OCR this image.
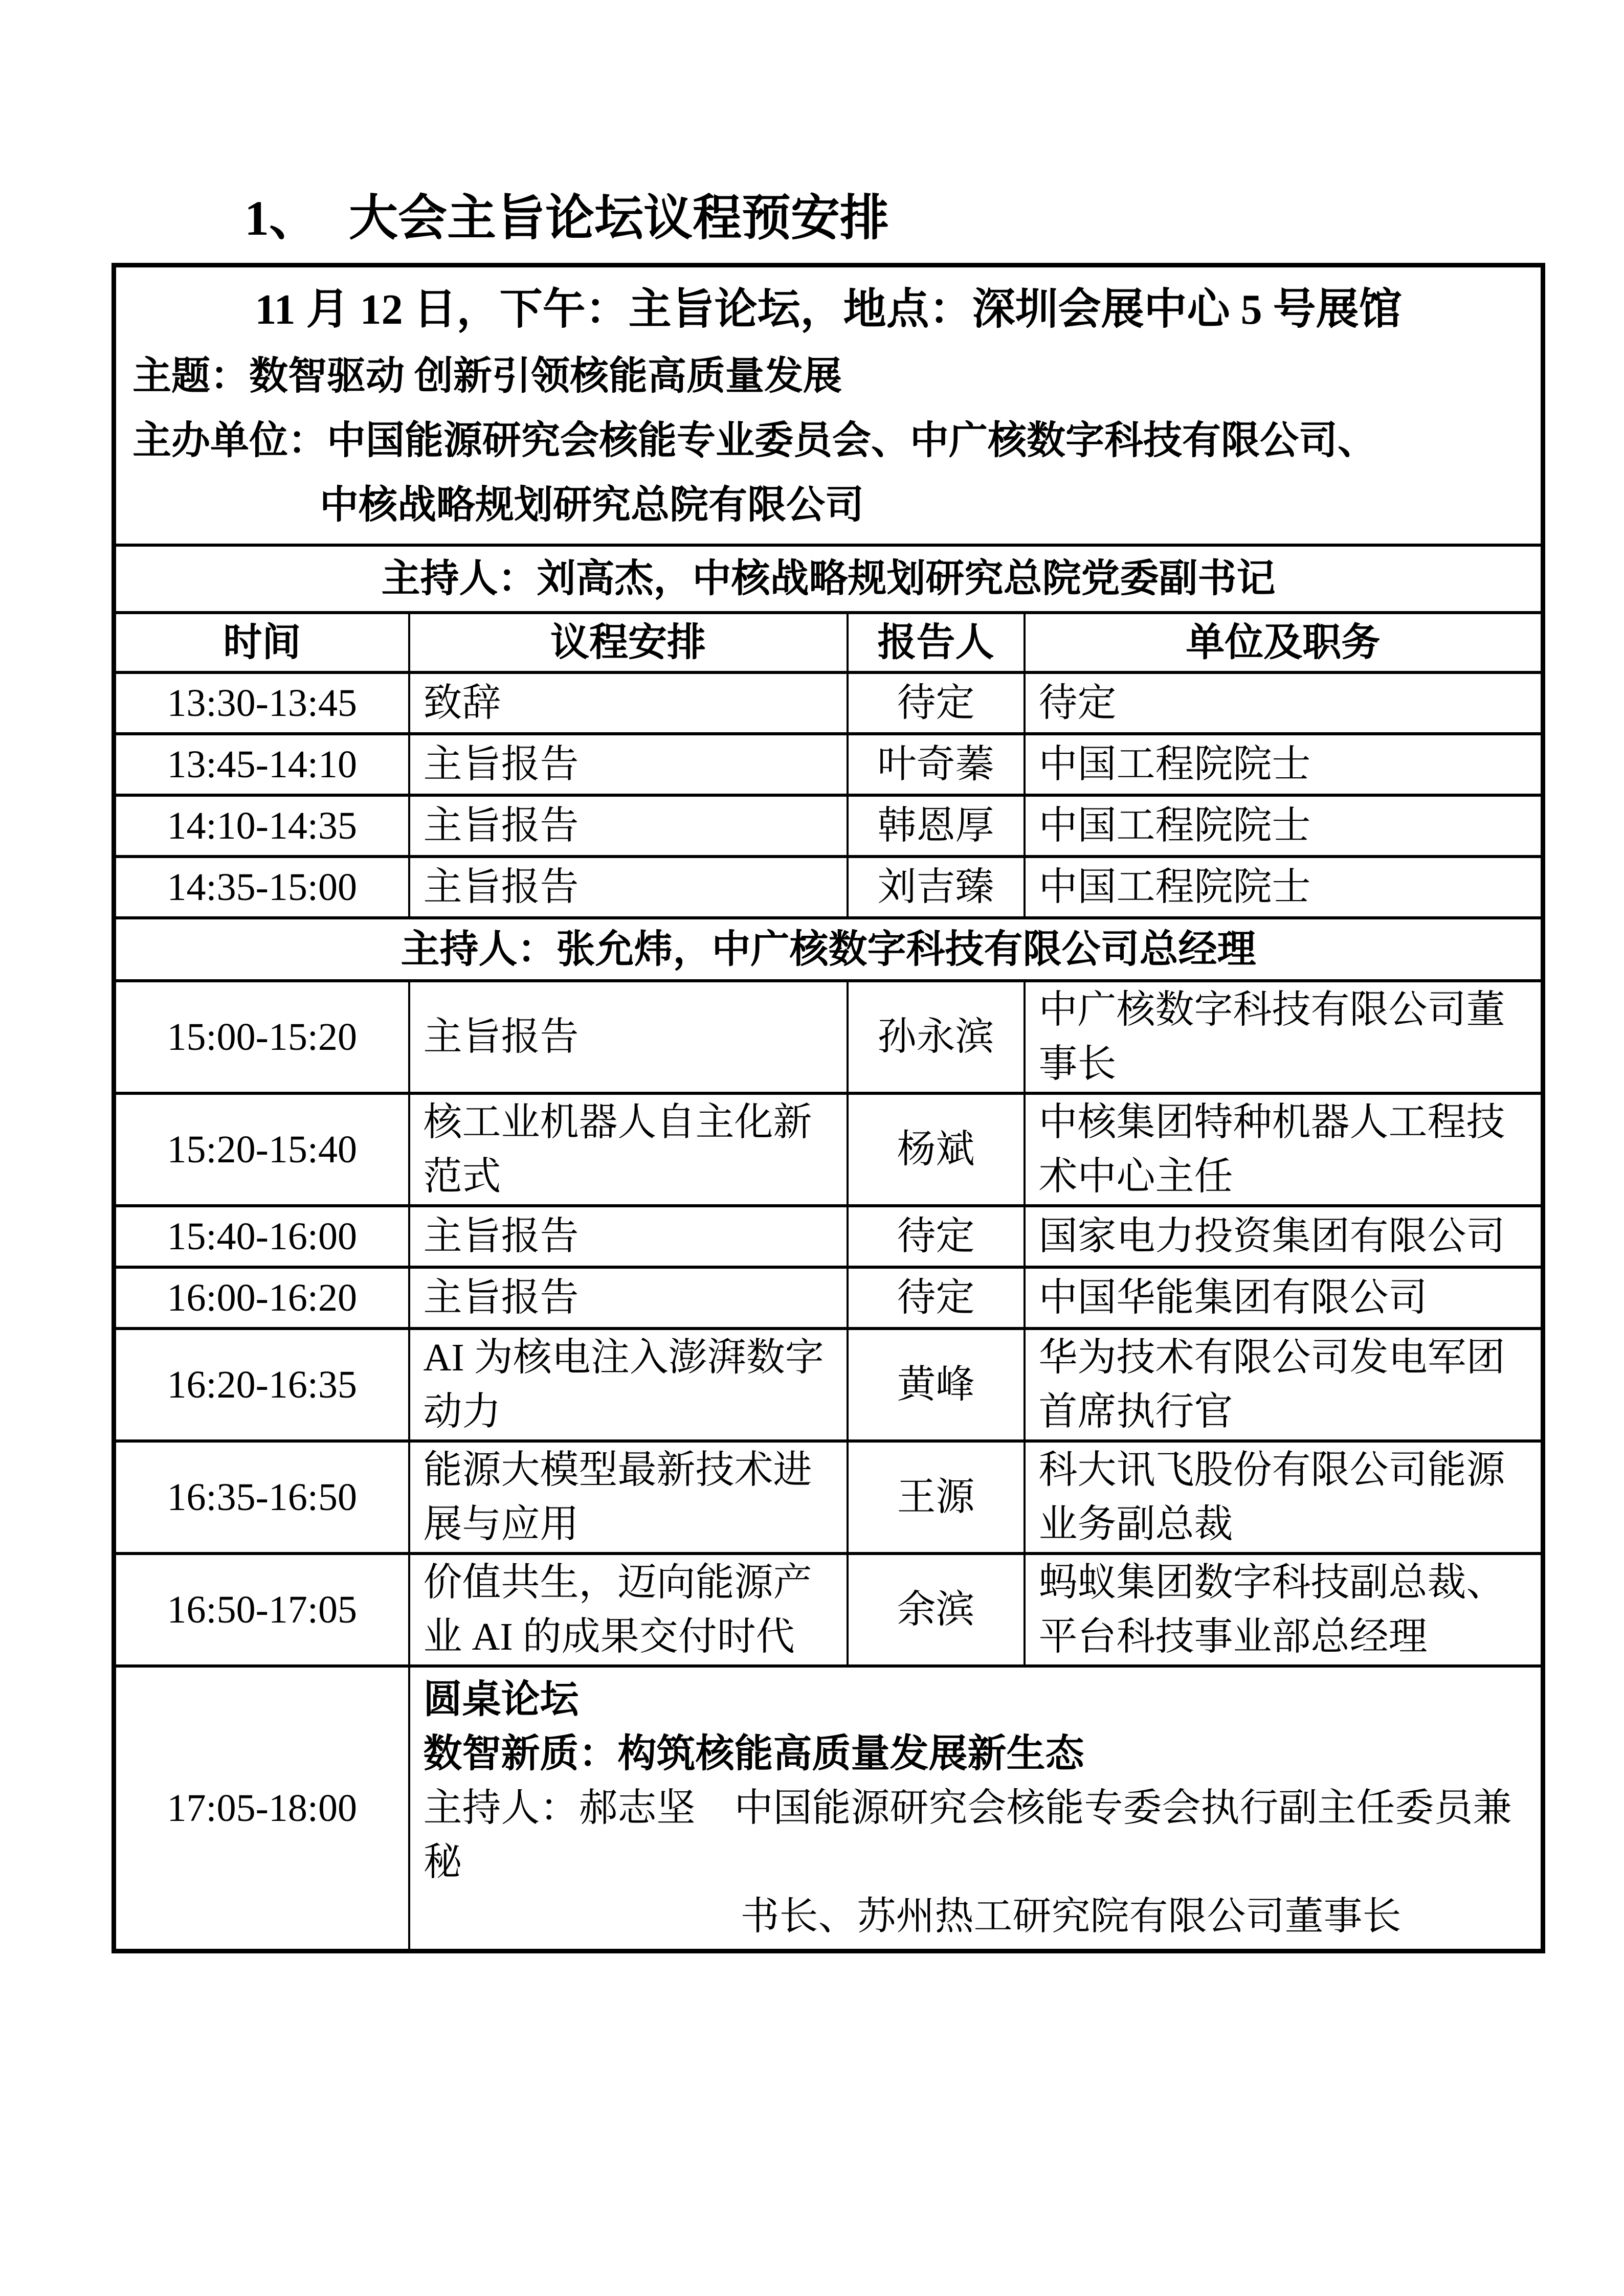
1、 大会主旨论坛议程预安排
11 月 12 日，下午：主旨论坛，地点：深圳会展中心 5 号展馆
主题：数智驱动 创新引领核能高质量发展
主办单位：中国能源研究会核能专业委员会、中广核数字科技有限公司、
中核战略规划研究总院有限公司			

主持人：刘高杰，中核战略规划研究总院党委副书记			
时间	议程安排	报告人	单位及职务
13:30-13:45	致辞	待定	待定
13:45-14:10	主旨报告	叶奇蓁	中国工程院院士
14:10-14:35	主旨报告	韩恩厚	中国工程院院士
14:35-15:00	主旨报告	刘吉臻	中国工程院院士
主持人：张允炜，中广核数字科技有限公司总经理			
15:00-15:20	主旨报告	孙永滨	中广核数字科技有限公司董事长
15:20-15:40	核工业机器人自主化新范式	杨斌	中核集团特种机器人工程技术中心主任
15:40-16:00	主旨报告	待定	国家电力投资集团有限公司
16:00-16:20	主旨报告	待定	中国华能集团有限公司
16:20-16:35	AI 为核电注入澎湃数字动力	黄峰	华为技术有限公司发电军团首席执行官
16:35-16:50	能源大模型最新技术进展与应用	王源	科大讯飞股份有限公司能源业务副总裁
16:50-17:05	价值共生，迈向能源产业 AI 的成果交付时代	余滨	蚂蚁集团数字科技副总裁、平台科技事业部总经理
17:05-18:00	圆桌论坛
数智新质：构筑核能高质量发展新生态
主持人：郝志坚　中国能源研究会核能专委会执行副主任委员兼秘
书长、苏州热工研究院有限公司董事长		
